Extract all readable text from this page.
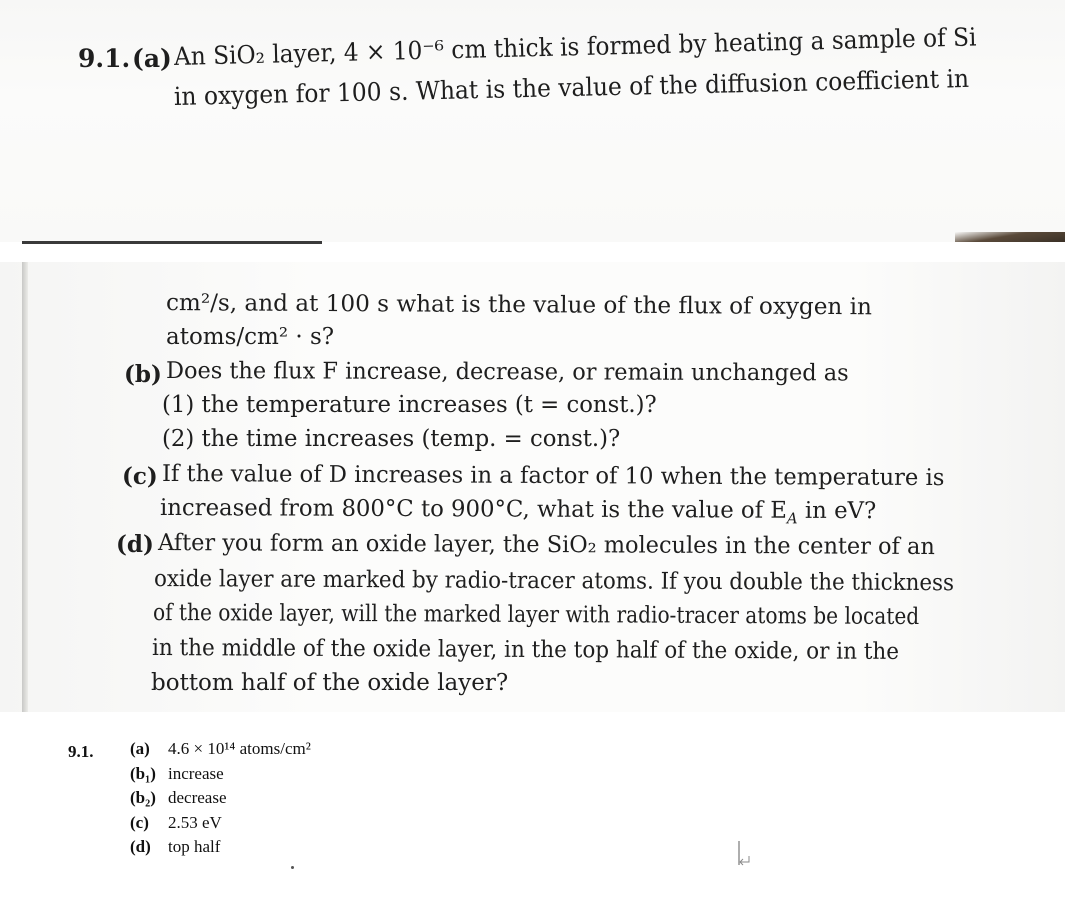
9.1. (a) An SiO₂ layer, 4 × 10⁻⁶ cm thick is formed by heating a sample of Si
in oxygen for 100 s. What is the value of the diffusion coefficient in
cm²/s, and at 100 s what is the value of the flux of oxygen in
atoms/cm² · s?
(b) Does the flux F increase, decrease, or remain unchanged as
(1) the temperature increases (t = const.)?
(2) the time increases (temp. = const.)?
(c) If the value of D increases in a factor of 10 when the temperature is
increased from 800°C to 900°C, what is the value of $E_A$ in eV?
(d) After you form an oxide layer, the SiO₂ molecules in the center of an
oxide layer are marked by radio-tracer atoms. If you double the thickness
of the oxide layer, will the marked layer with radio-tracer atoms be located
in the middle of the oxide layer, in the top half of the oxide, or in the
bottom half of the oxide layer?
9.1. (a) 4.6 × 10¹⁴ atoms/cm²
(b₁) increase
(b₂) decrease
(c) 2.53 eV
(d) top half
